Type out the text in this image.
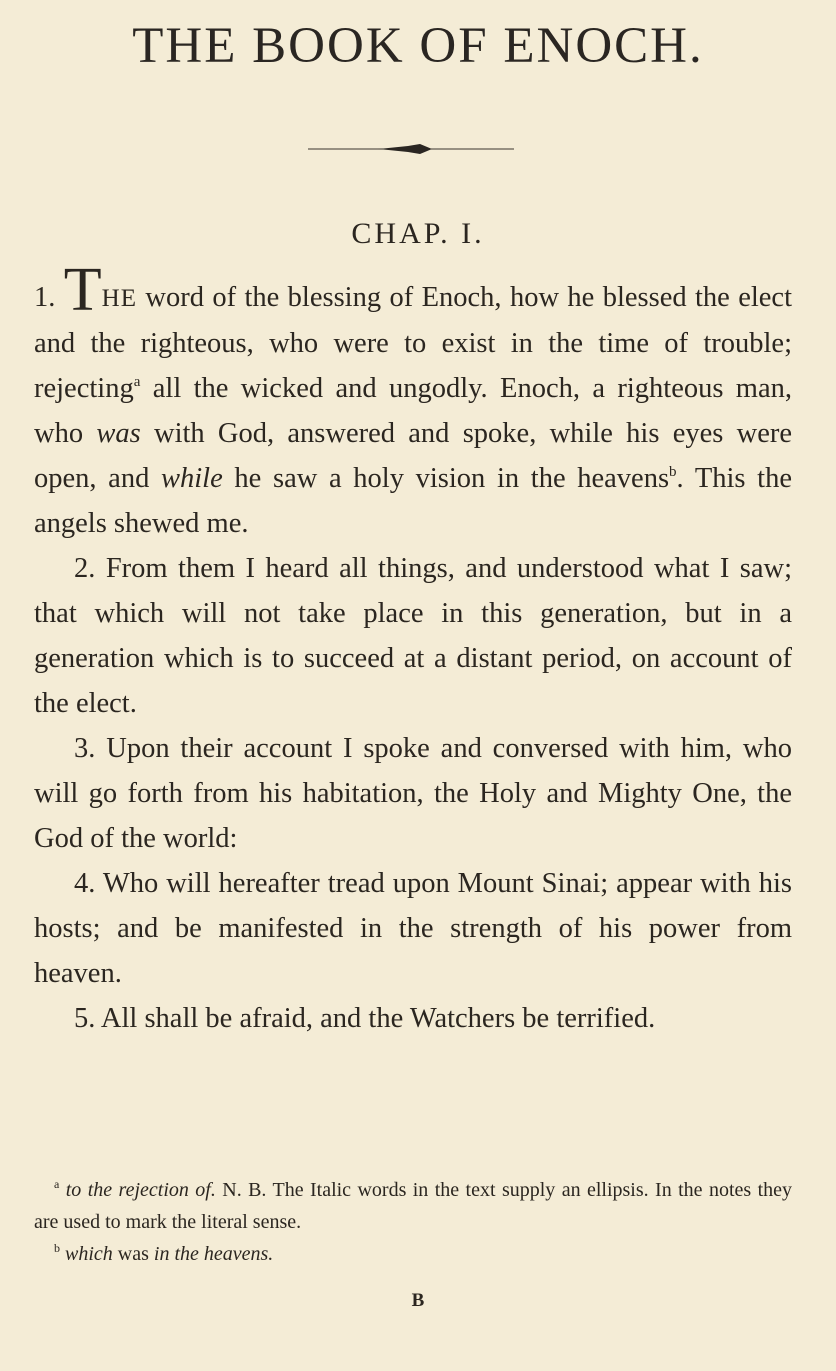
THE BOOK OF ENOCH.
CHAP. I.

1. THE word of the blessing of Enoch, how he blessed the elect and the righteous, who were to exist in the time of trouble; rejecting$^a$ all the wicked and ungodly. Enoch, a righteous man, who was with God, answered and spoke, while his eyes were open, and while he saw a holy vision in the heavens$^b$. This the angels shewed me.

2. From them I heard all things, and understood what I saw; that which will not take place in this generation, but in a generation which is to succeed at a distant period, on account of the elect.

3. Upon their account I spoke and conversed with him, who will go forth from his habitation, the Holy and Mighty One, the God of the world:

4. Who will hereafter tread upon Mount Sinai; appear with his hosts; and be manifested in the strength of his power from heaven.

5. All shall be afraid, and the Watchers be terrified.

$^a$ to the rejection of. N. B. The Italic words in the text supply an ellipsis. In the notes they are used to mark the literal sense.

$^b$ which was in the heavens.

B
